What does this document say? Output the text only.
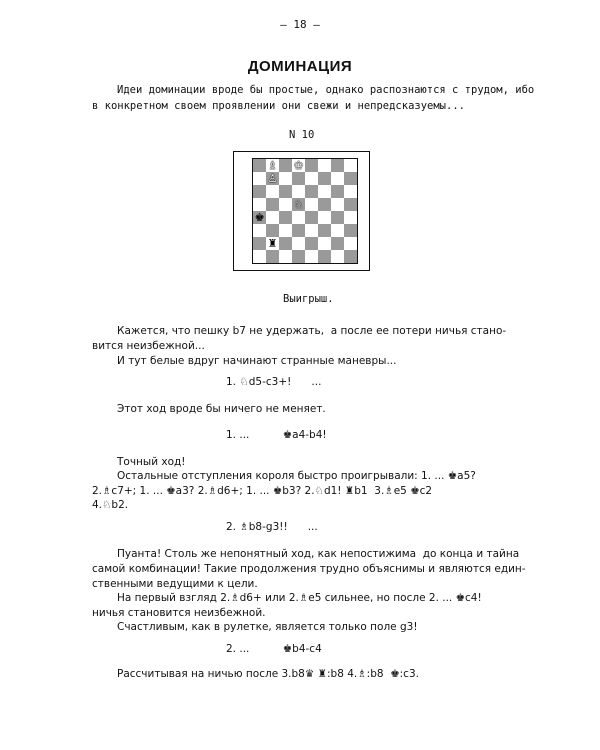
– 18 –
ДОМИНАЦИЯ
Идеи доминации вроде бы простые, однако распознаются с трудом, ибо
в конкретном своем проявлении они свежи и непредсказуемы...
N 10
♗ ♔
♙
♘
♚
♜
Выигрыш.
Кажется, что пешку b7 не удержать,  а после ее потери ничья стано-
вится неизбежной...
И тут белые вдруг начинают странные маневры...
1. ♘d5-c3+!      ...
Этот ход вроде бы ничего не меняет.
1. ...          ♚a4-b4!
Точный ход!
Остальные отступления короля быстро проигрывали: 1. ... ♚a5?
2.♗c7+; 1. ... ♚a3? 2.♗d6+; 1. ... ♚b3? 2.♘d1! ♜b1  3.♗e5 ♚c2
4.♘b2.
2. ♗b8-g3!!      ...
Пуанта! Столь же непонятный ход, как непостижима  до конца и тайна
самой комбинации! Такие продолжения трудно объяснимы и являются един-
ственными ведущими к цели.
На первый взгляд 2.♗d6+ или 2.♗e5 сильнее, но после 2. ... ♚c4!
ничья становится неизбежной.
Счастливым, как в рулетке, является только поле g3!
2. ...          ♚b4-c4
Рассчитывая на ничью после 3.b8♛ ♜:b8 4.♗:b8  ♚:c3.
